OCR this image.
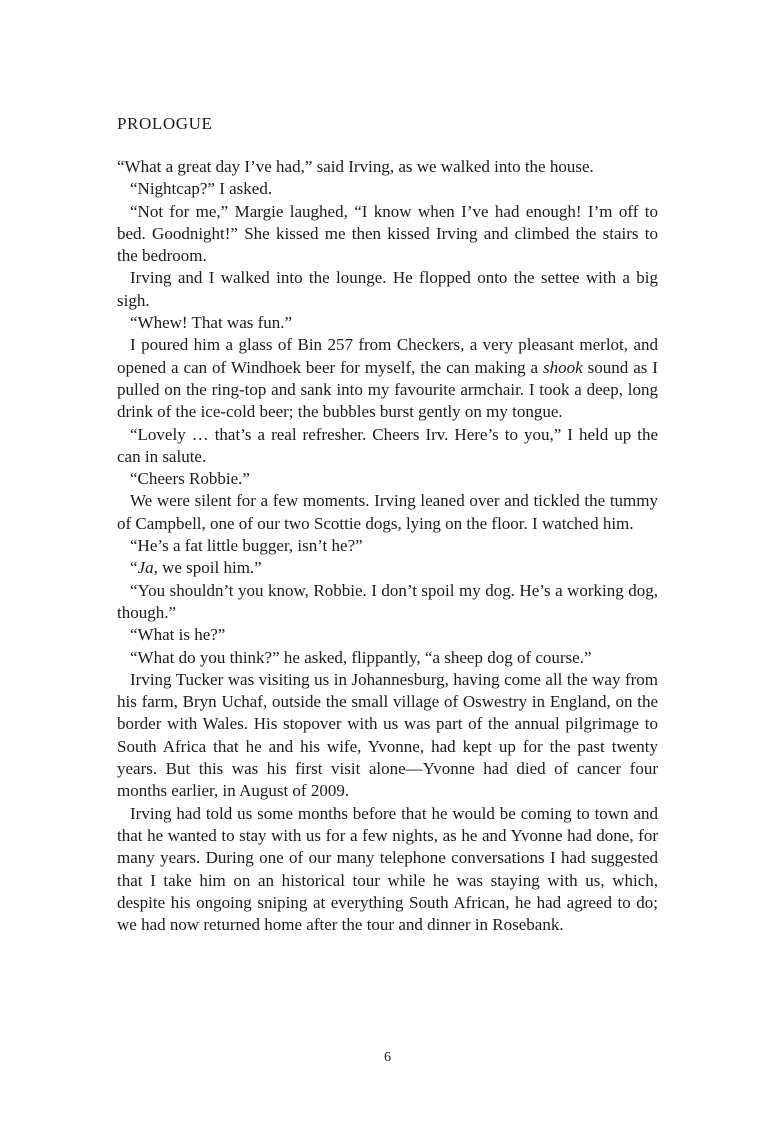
PROLOGUE

“What a great day I’ve had,” said Irving, as we walked into the house.

“Nightcap?” I asked.

“Not for me,” Margie laughed, “I know when I’ve had enough! I’m off to bed. Goodnight!” She kissed me then kissed Irving and climbed the stairs to the bedroom.

Irving and I walked into the lounge. He flopped onto the settee with a big sigh.

“Whew! That was fun.”

I poured him a glass of Bin 257 from Checkers, a very pleasant merlot, and opened a can of Windhoek beer for myself, the can making a shook sound as I pulled on the ring-top and sank into my favourite armchair. I took a deep, long drink of the ice-cold beer; the bubbles burst gently on my tongue.

“Lovely … that’s a real refresher. Cheers Irv. Here’s to you,” I held up the can in salute.

“Cheers Robbie.”

We were silent for a few moments. Irving leaned over and tickled the tummy of Campbell, one of our two Scottie dogs, lying on the floor. I watched him.

“He’s a fat little bugger, isn’t he?”

“Ja, we spoil him.”

“You shouldn’t you know, Robbie. I don’t spoil my dog. He’s a working dog, though.”

“What is he?”

“What do you think?” he asked, flippantly, “a sheep dog of course.”

Irving Tucker was visiting us in Johannesburg, having come all the way from his farm, Bryn Uchaf, outside the small village of Oswestry in England, on the border with Wales. His stopover with us was part of the annual pilgrimage to South Africa that he and his wife, Yvonne, had kept up for the past twenty years. But this was his first visit alone—Yvonne had died of cancer four months earlier, in August of 2009.

Irving had told us some months before that he would be coming to town and that he wanted to stay with us for a few nights, as he and Yvonne had done, for many years. During one of our many telephone conversations I had suggested that I take him on an historical tour while he was staying with us, which, despite his ongoing sniping at everything South African, he had agreed to do; we had now returned home after the tour and dinner in Rosebank.

6
